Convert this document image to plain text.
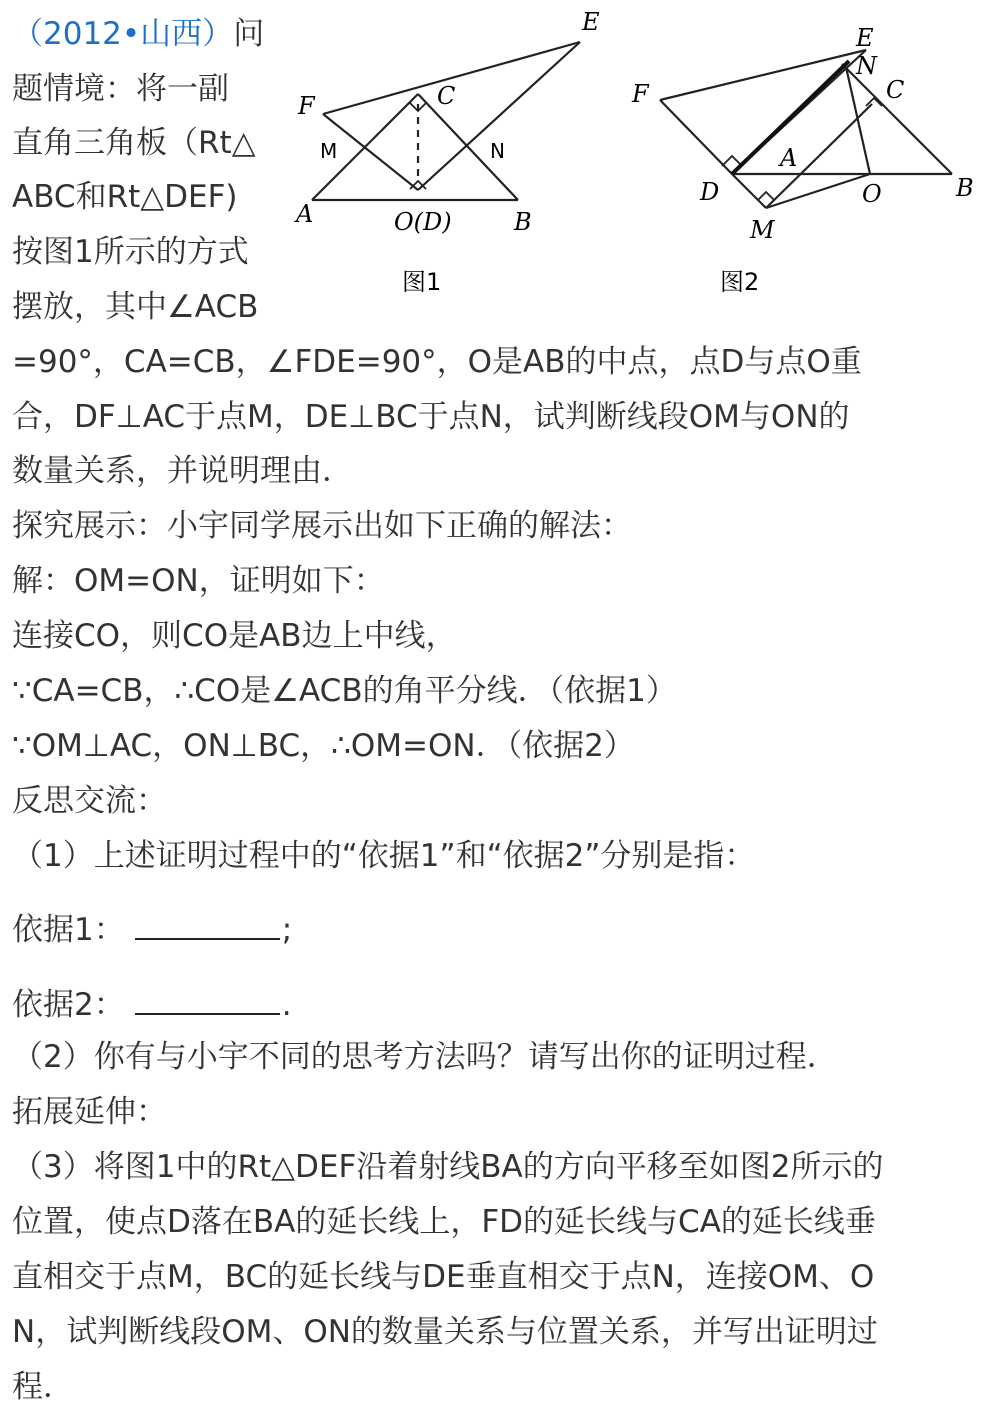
（2012•山西）问
题情境：将一副
直角三角板（Rt△
ABC和Rt△DEF)
按图1所示的方式
摆放，其中∠ACB
E
F	C
M	N
A	O(D)	B
图1
E
N
F	C
A
D	O	B
M
图2
=90°，CA=CB，∠FDE=90°，O是AB的中点，点D与点O重
合，DF⊥AC于点M，DE⊥BC于点N，试判断线段OM与ON的
数量关系，并说明理由．
探究展示：小宇同学展示出如下正确的解法：
解：OM=ON，证明如下：
连接CO，则CO是AB边上中线，
∵CA=CB，∴CO是∠ACB的角平分线．（依据1）
∵OM⊥AC，ON⊥BC，∴OM=ON．（依据2）
反思交流：
（1）上述证明过程中的“依据1”和“依据2”分别是指：
依据1：	;
依据2：	.
（2）你有与小宇不同的思考方法吗？请写出你的证明过程．
拓展延伸：
（3）将图1中的Rt△DEF沿着射线BA的方向平移至如图2所示的
位置，使点D落在BA的延长线上，FD的延长线与CA的延长线垂
直相交于点M，BC的延长线与DE垂直相交于点N，连接OM、O
N，试判断线段OM、ON的数量关系与位置关系，并写出证明过
程．
